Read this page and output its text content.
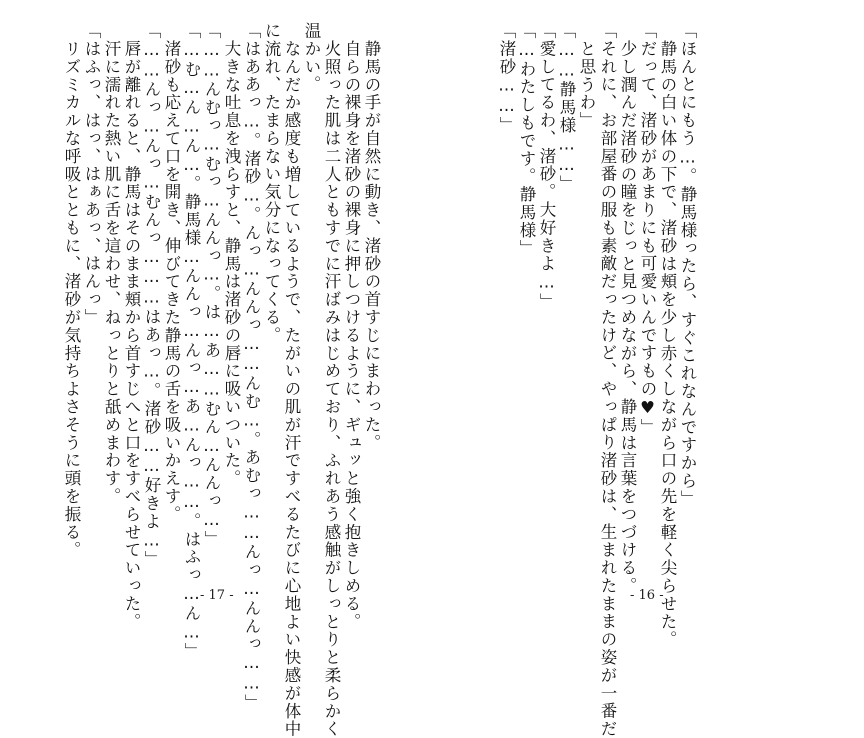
「ほんとにもう…。静馬様ったら、すぐこれなんですから」
静馬の白い体の下で、渚砂は頬を少し赤くしながら口の先を軽く尖らせた。
「だって、渚砂があまりにも可愛いんですもの♥」
少し潤んだ渚砂の瞳をじっと見つめながら、静馬は言葉をつづける。
「それに、お部屋番の服も素敵だったけど、やっぱり渚砂は、生まれたままの姿が一番だ
と思うわ」
「……静馬様……」
「愛してるわ、渚砂。大好きよ…」
「…わたしもです。静馬様」
「渚砂……」
- 16 -
静馬の手が自然に動き、渚砂の首すじにまわった。
自らの裸身を渚砂の裸身に押しつけるように、ギュッと強く抱きしめる。
火照った肌は二人ともすでに汗ばみはじめており、ふれあう感触がしっとりと柔らかく
温かい。
なんだか感度も増しているようで、たがいの肌が汗ですべるたびに心地よい快感が体中
に流れ、たまらない気分になってくる。
「はああっ…。渚砂…。んっ…んんっ……んむ…。あむっ……んっ…んんっ……」
大きな吐息を洩らすと、静馬は渚砂の唇に吸いついた。
「……んむっ…むっ…んんっ…。は…あ……むん…んんっ…」
「…む…ん…ん…。静馬様…んんっ…んっ…あ…んっ……。はふっ…ん…」
渚砂も応えて口を開き、伸びてきた静馬の舌を吸いかえす。
「……んっ…んっ…むんっ………はあっ…。渚砂……好きよ…」
唇が離れると、静馬はそのまま頬から首すじへと口をすべらせていった。
汗に濡れた熱い肌に舌を這わせ、ねっとりと舐めまわす。
「はふっ、はっ、はぁあっ、はんっ」
リズミカルな呼吸とともに、渚砂が気持ちよさそうに頭を振る。
- 17 -
